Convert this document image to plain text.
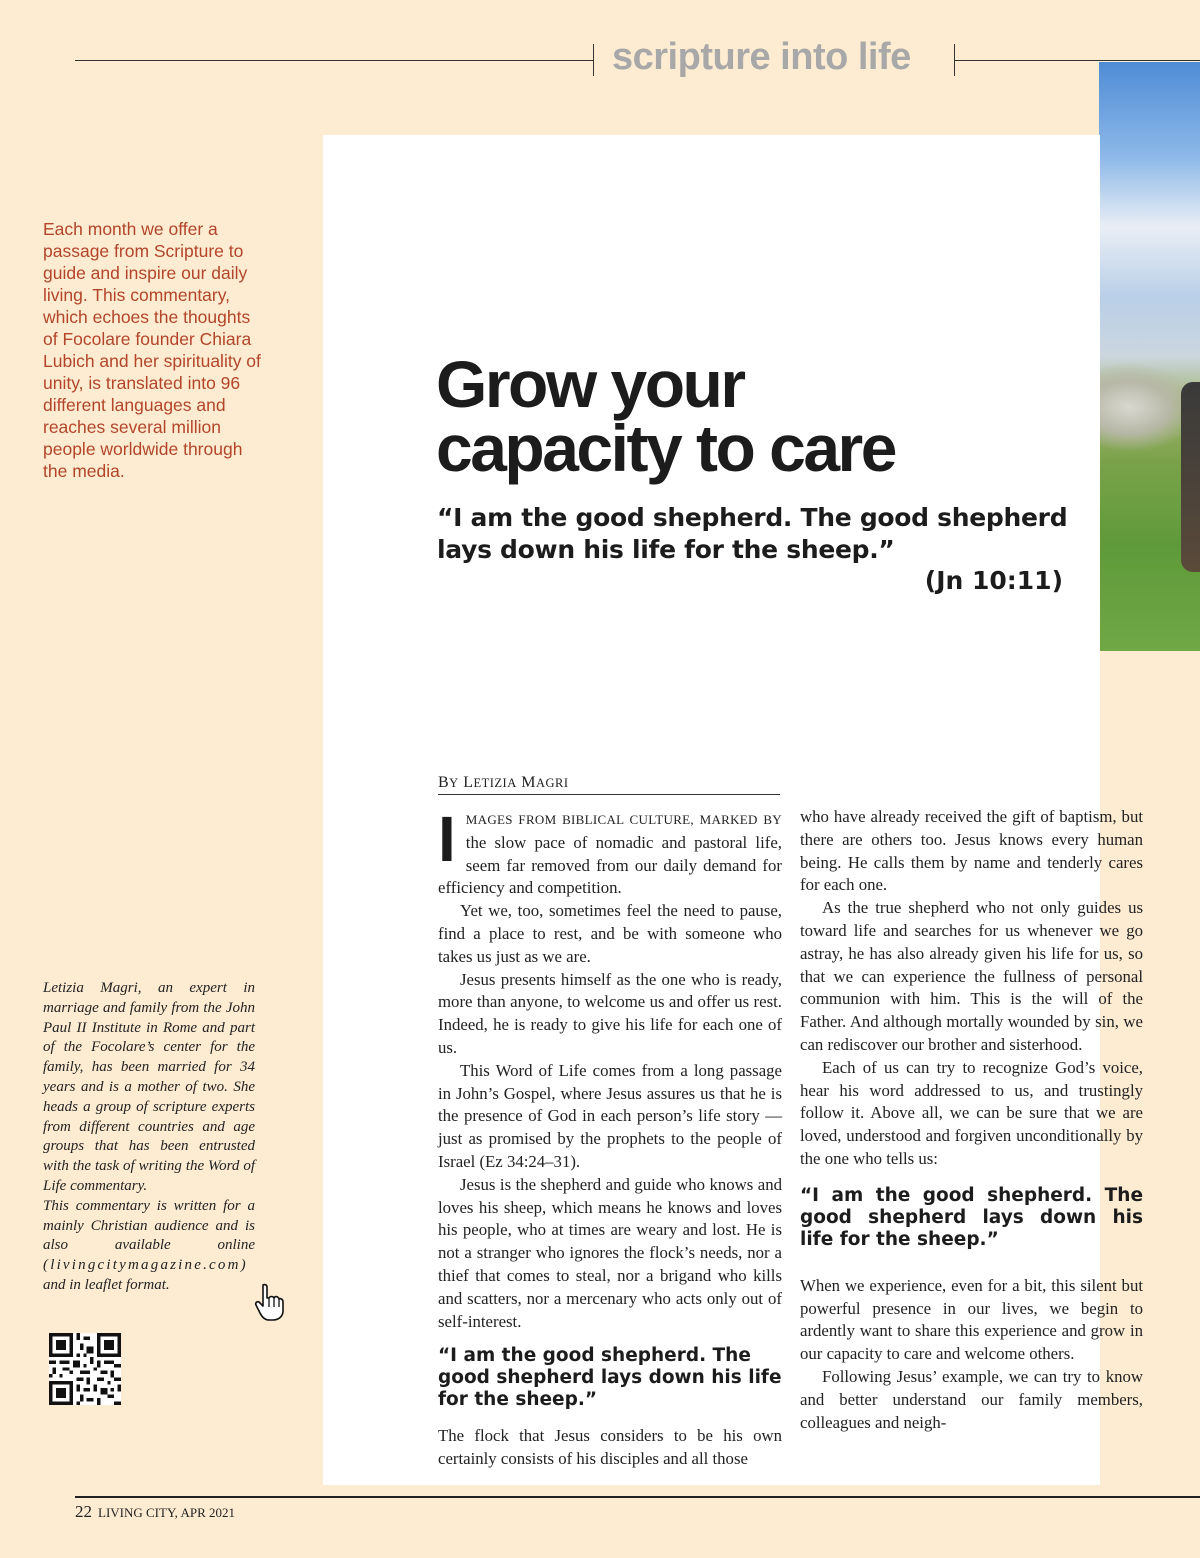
scripture into life
Each month we offer a passage from Scripture to guide and inspire our daily living. This commentary, which echoes the thoughts of Focolare founder Chiara Lubich and her spirituality of unity, is translated into 96 different languages and reaches several million people worldwide through the media.
Grow your
capacity to care
“I am the good shepherd. The good shepherd lays down his life for the sheep.”
(Jn 10:11)
BY LETIZIA MAGRI

IMAGES FROM BIBLICAL CULTURE, MARKED BY the slow pace of nomadic and pastoral life, seem far removed from our daily demand for efficiency and competition.

Yet we, too, sometimes feel the need to pause, find a place to rest, and be with someone who takes us just as we are.

Jesus presents himself as the one who is ready, more than anyone, to welcome us and offer us rest. Indeed, he is ready to give his life for each one of us.

This Word of Life comes from a long passage in John’s Gospel, where Jesus assures us that he is the presence of God in each person’s life story — just as promised by the prophets to the people of Israel (Ez 34:24–31).

Jesus is the shepherd and guide who knows and loves his sheep, which means he knows and loves his people, who at times are weary and lost. He is not a stranger who ignores the flock’s needs, nor a thief that comes to steal, nor a brigand who kills and scatters, nor a mercenary who acts only out of self-interest.

“I am the good shepherd. The good shepherd lays down his life for the sheep.”

The flock that Jesus considers to be his own certainly consists of his disciples and all those

who have already received the gift of baptism, but there are others too. Jesus knows every human being. He calls them by name and tenderly cares for each one.

As the true shepherd who not only guides us toward life and searches for us whenever we go astray, he has also already given his life for us, so that we can experience the fullness of personal communion with him. This is the will of the Father. And although mortally wounded by sin, we can rediscover our brother and sisterhood.

Each of us can try to recognize God’s voice, hear his word addressed to us, and trustingly follow it. Above all, we can be sure that we are loved, understood and forgiven unconditionally by the one who tells us:

“I am the good shepherd. The good shepherd lays down his life for the sheep.”

When we experience, even for a bit, this silent but powerful presence in our lives, we begin to ardently want to share this experience and grow in our capacity to care and welcome others.

Following Jesus’ example, we can try to know and better understand our family members, colleagues and neigh-

Letizia Magri, an expert in marriage and family from the John Paul II Institute in Rome and part of the Focolare’s center for the family, has been married for 34 years and is a mother of two. She heads a group of scripture experts from different countries and age groups that has been entrusted with the task of writing the Word of Life commentary.

This commentary is written for a mainly Christian audience and is also available online (livingcitymagazine.com) and in leaflet format.

22 LIVING CITY, APR 2021
